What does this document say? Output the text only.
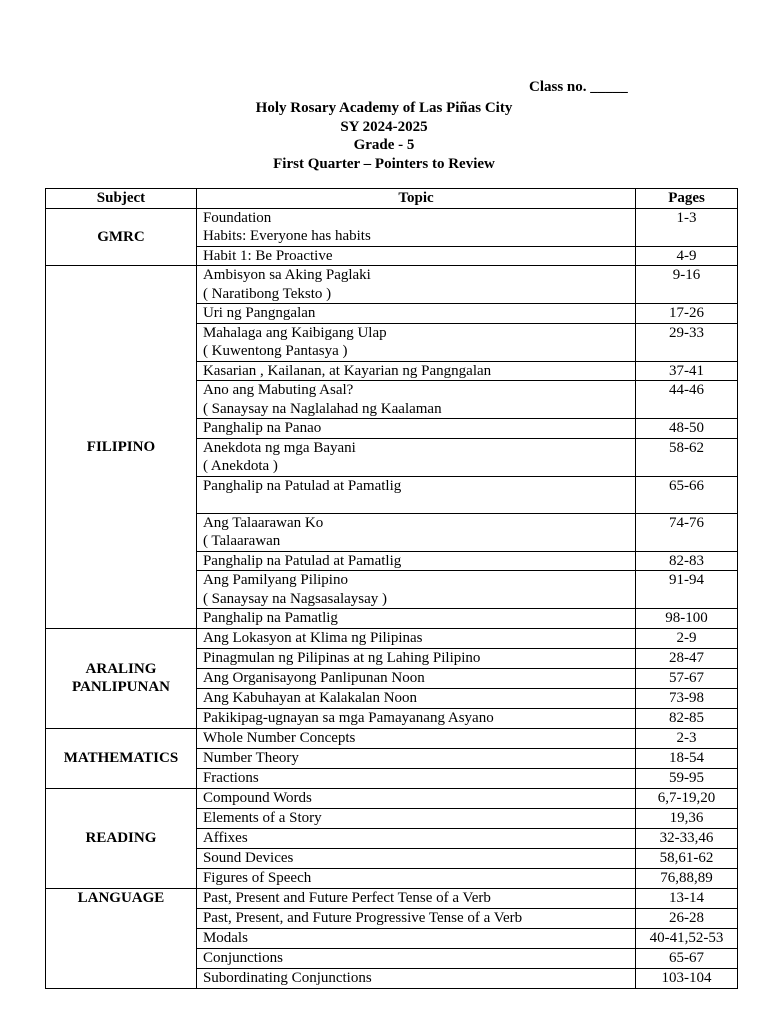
Class no. _____
Holy Rosary Academy of Las Piñas City
SY 2024-2025
Grade - 5
First Quarter – Pointers to Review
Subject	Topic	Pages
GMRC	Foundation
Habits: Everyone has habits	1-3

	Habit 1: Be Proactive	4-9
FILIPINO	Ambisyon sa Aking Paglaki
( Naratibong Teksto )	9-16

	Uri ng Pangngalan	17-26

	Mahalaga ang Kaibigang Ulap
( Kuwentong Pantasya )	29-33

	Kasarian , Kailanan, at Kayarian ng Pangngalan	37-41

	Ano ang Mabuting Asal?
( Sanaysay na Naglalahad ng Kaalaman	44-46

	Panghalip na Panao	48-50

	Anekdota ng mga Bayani
( Anekdota )	58-62

	Panghalip na Patulad at Pamatlig	65-66

	Ang Talaarawan Ko
( Talaarawan	74-76

	Panghalip na Patulad at Pamatlig	82-83

	Ang Pamilyang Pilipino
( Sanaysay na Nagsasalaysay )	91-94

	Panghalip na Pamatlig	98-100
ARALING PANLIPUNAN	Ang Lokasyon at Klima ng Pilipinas	2-9

	Pinagmulan ng Pilipinas at ng Lahing Pilipino	28-47

	Ang Organisayong Panlipunan Noon	57-67

	Ang Kabuhayan at Kalakalan Noon	73-98

	Pakikipag-ugnayan sa mga Pamayanang Asyano	82-85
MATHEMATICS	Whole Number Concepts	2-3

	Number Theory	18-54

	Fractions	59-95
READING	Compound Words	6,7-19,20

	Elements of a Story	19,36

	Affixes	32-33,46

	Sound Devices	58,61-62

	Figures of Speech	76,88,89
LANGUAGE	Past, Present and Future Perfect Tense of a Verb	13-14

	Past, Present, and Future Progressive Tense of a Verb	26-28

	Modals	40-41,52-53

	Conjunctions	65-67

	Subordinating Conjunctions	103-104
